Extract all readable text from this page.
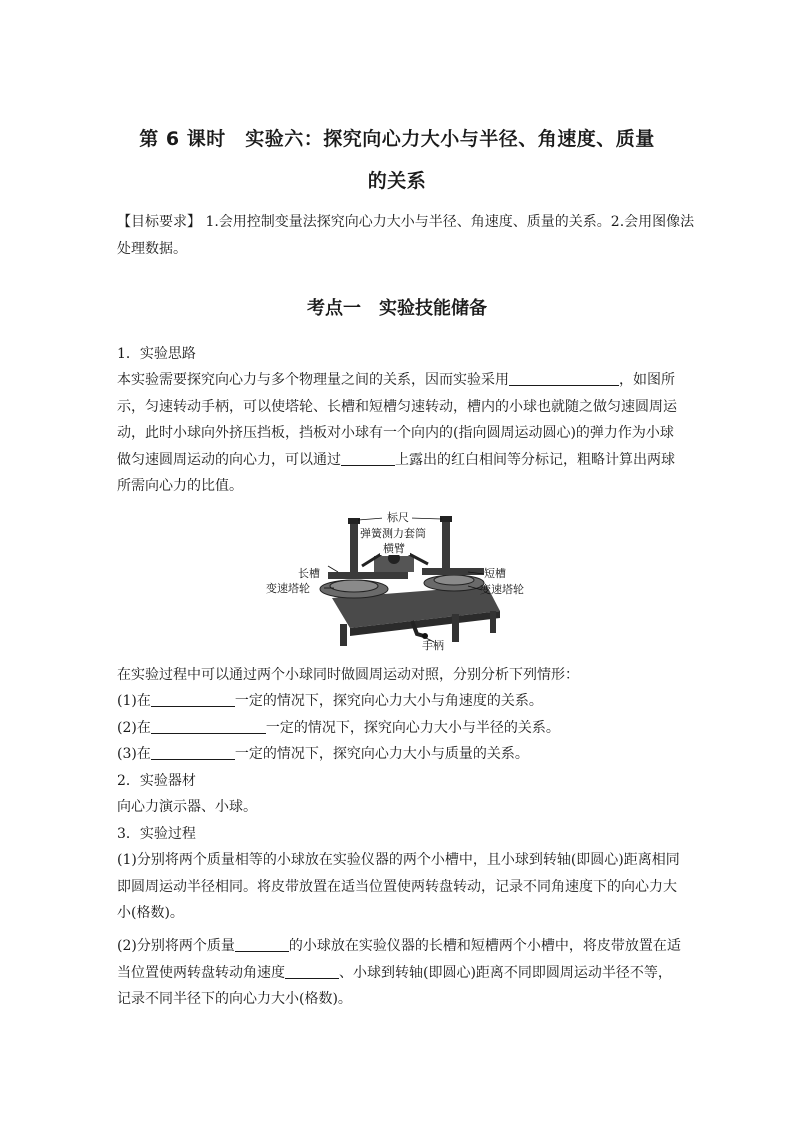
第 6 课时　实验六：探究向心力大小与半径、角速度、质量
的关系
【目标要求】 1.会用控制变量法探究向心力大小与半径、角速度、质量的关系。2.会用图像法
处理数据。
考点一　实验技能储备
1．实验思路
本实验需要探究向心力与多个物理量之间的关系，因而实验采用	，如图所
示，匀速转动手柄，可以使塔轮、长槽和短槽匀速转动，槽内的小球也就随之做匀速圆周运
动，此时小球向外挤压挡板，挡板对小球有一个向内的(指向圆周运动圆心)的弹力作为小球
做匀速圆周运动的向心力，可以通过	上露出的红白相间等分标记，粗略计算出两球
所需向心力的比值。
标尺
弹簧测力套筒
横臂
长槽
变速塔轮
短槽
变速塔轮
手柄
在实验过程中可以通过两个小球同时做圆周运动对照，分别分析下列情形：
(1)在	一定的情况下，探究向心力大小与角速度的关系。
(2)在	一定的情况下，探究向心力大小与半径的关系。
(3)在	一定的情况下，探究向心力大小与质量的关系。
2．实验器材
向心力演示器、小球。
3．实验过程
(1)分别将两个质量相等的小球放在实验仪器的两个小槽中，且小球到转轴(即圆心)距离相同
即圆周运动半径相同。将皮带放置在适当位置使两转盘转动，记录不同角速度下的向心力大
小(格数)。
(2)分别将两个质量	的小球放在实验仪器的长槽和短槽两个小槽中，将皮带放置在适
当位置使两转盘转动角速度	、小球到转轴(即圆心)距离不同即圆周运动半径不等，
记录不同半径下的向心力大小(格数)。
